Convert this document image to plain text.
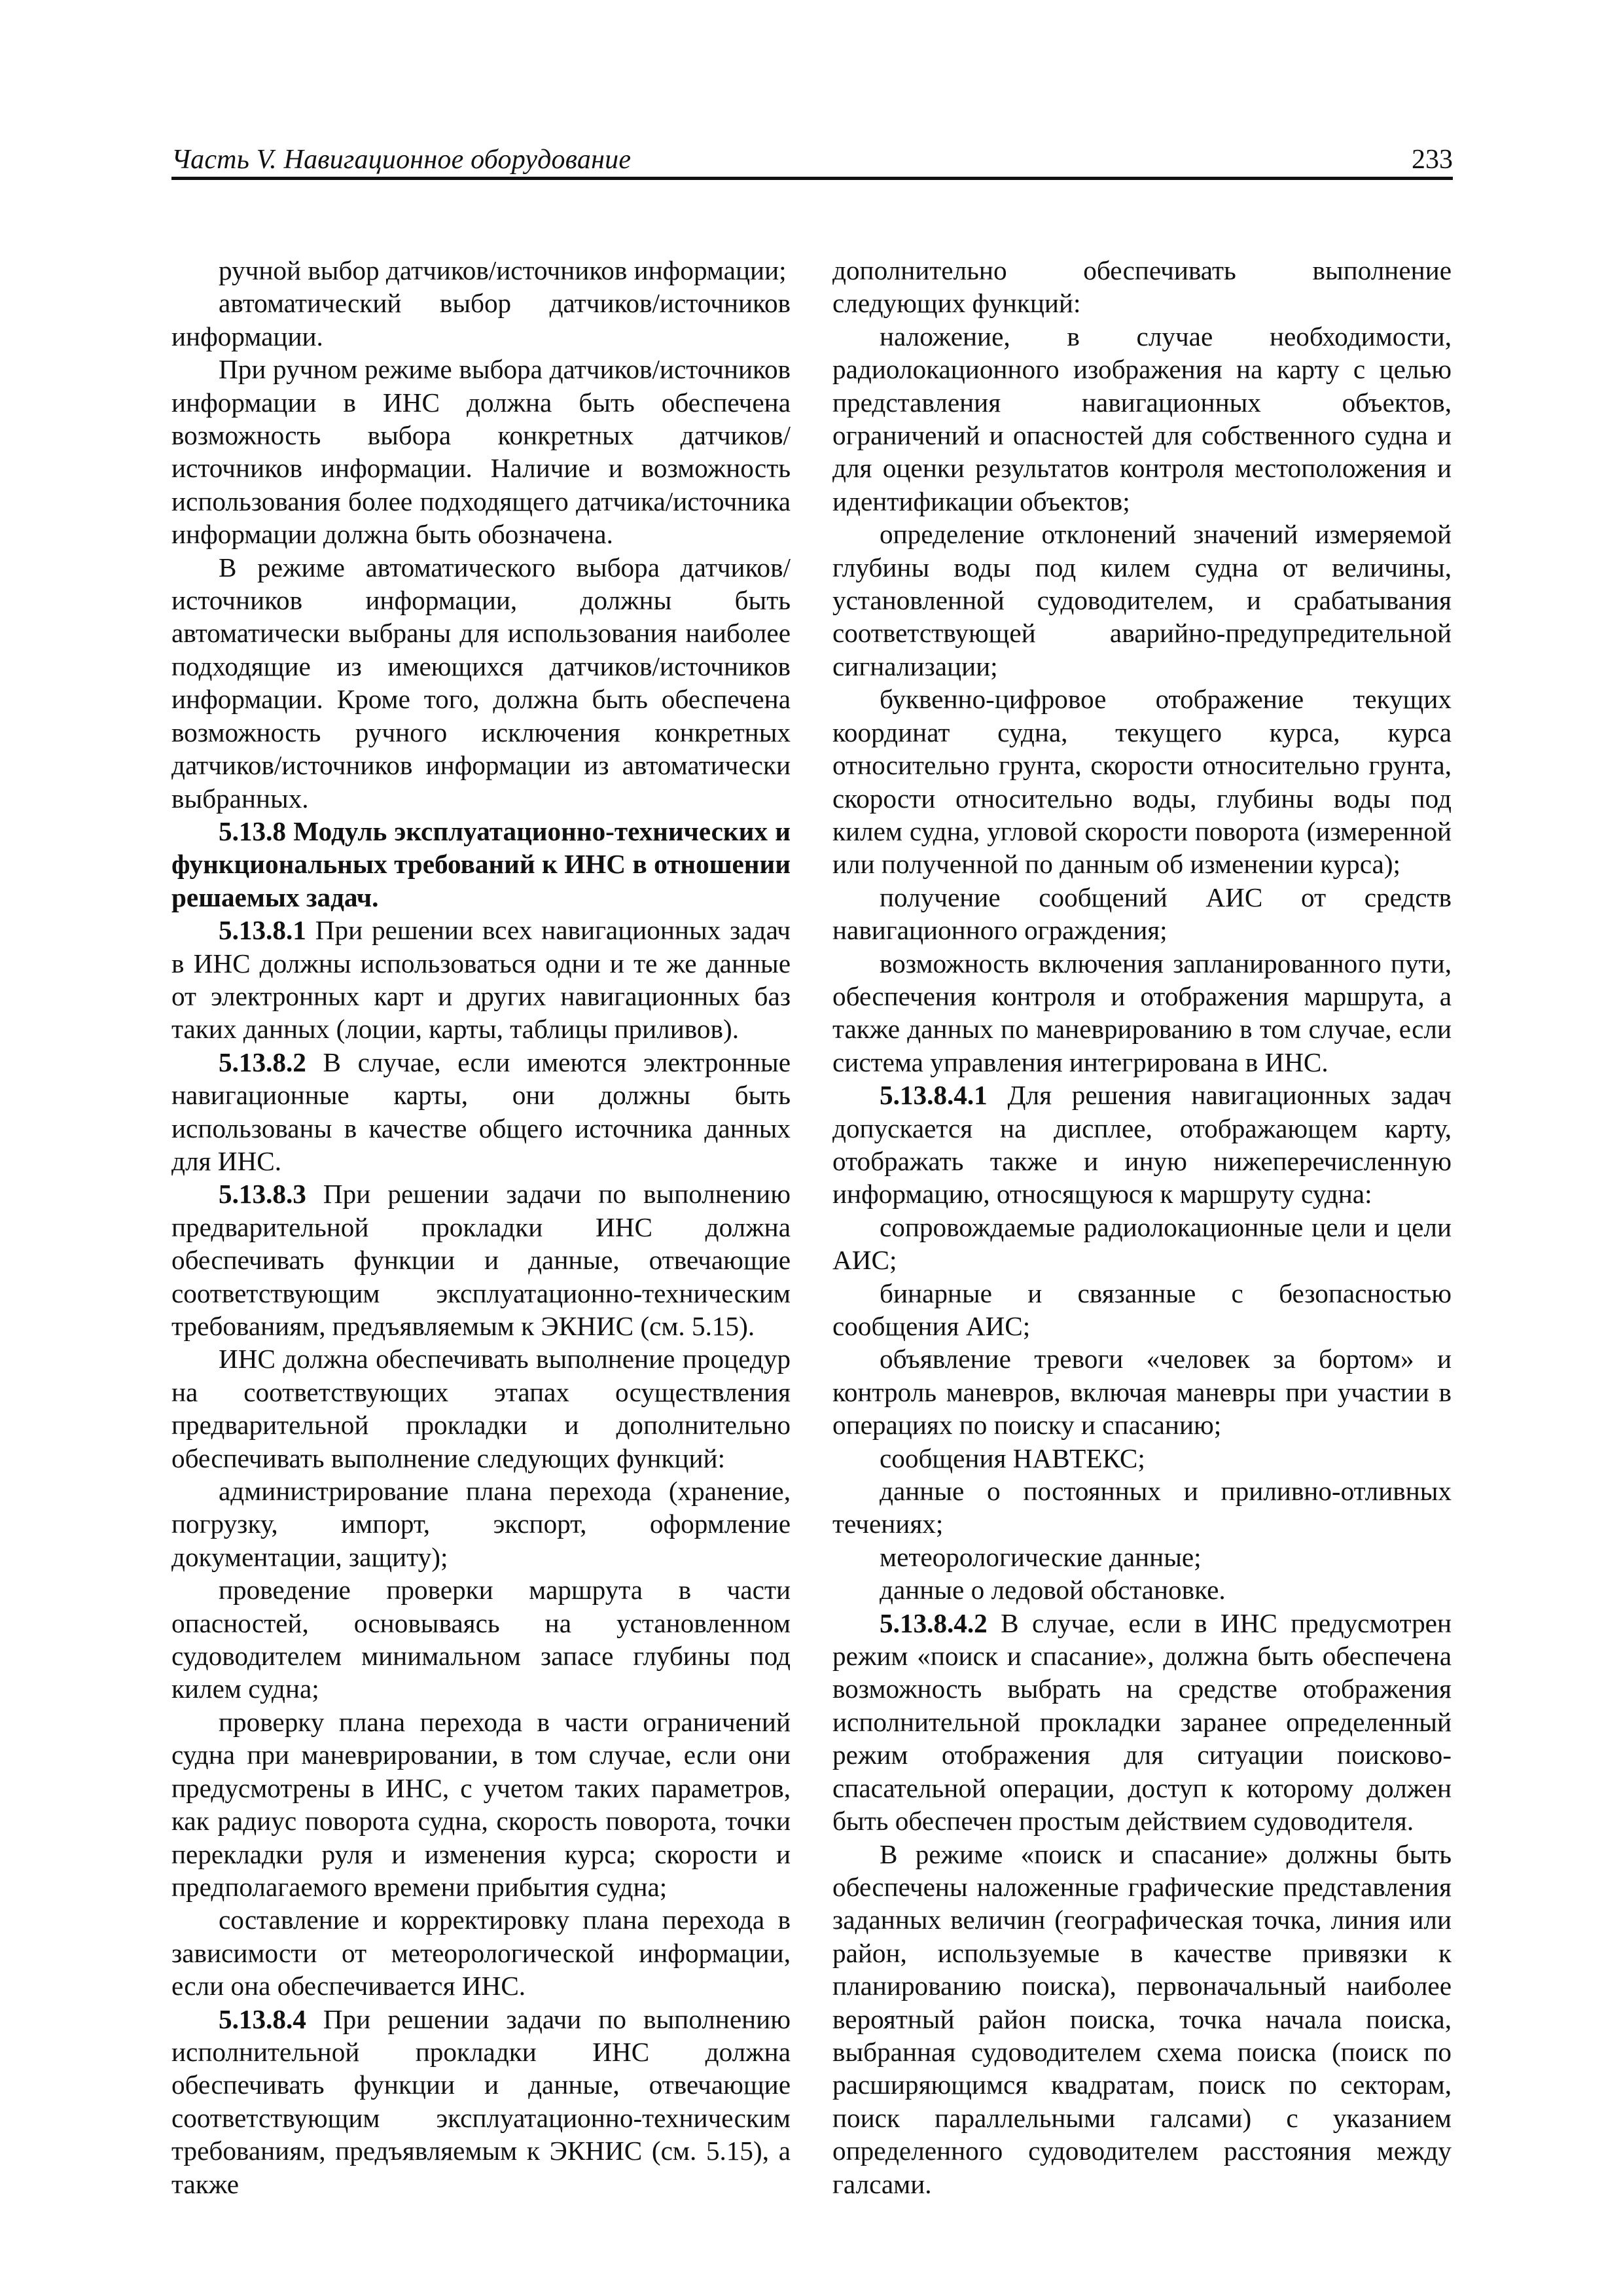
Часть V. Навигационное оборудование	233

ручной выбор датчиков/источников информации;

автоматический выбор датчиков/источников информации.

При ручном режиме выбора датчиков/источников информации в ИНС должна быть обеспечена возможность выбора конкретных датчиков/источников информации. Наличие и возможность использования более подходящего датчика/источника информации должна быть обозначена.

В режиме автоматического выбора датчиков/источников информации, должны быть автоматически выбраны для использования наиболее подходящие из имеющихся датчиков/источников информации. Кроме того, должна быть обеспечена возможность ручного исключения конкретных датчиков/источников информации из автоматически выбранных.

5.13.8 Модуль эксплуатационно-технических и функциональных требований к ИНС в отношении решаемых задач.

5.13.8.1 При решении всех навигационных задач в ИНС должны использоваться одни и те же данные от электронных карт и других навигационных баз таких данных (лоции, карты, таблицы приливов).

5.13.8.2 В случае, если имеются электронные навигационные карты, они должны быть использованы в качестве общего источника данных для ИНС.

5.13.8.3 При решении задачи по выполнению предварительной прокладки ИНС должна обеспечивать функции и данные, отвечающие соответствующим эксплуатационно-техническим требованиям, предъявляемым к ЭКНИС (см. 5.15).

ИНС должна обеспечивать выполнение процедур на соответствующих этапах осуществления предварительной прокладки и дополнительно обеспечивать выполнение следующих функций:

администрирование плана перехода (хранение, погрузку, импорт, экспорт, оформление документации, защиту);

проведение проверки маршрута в части опасностей, основываясь на установленном судоводителем минимальном запасе глубины под килем судна;

проверку плана перехода в части ограничений судна при маневрировании, в том случае, если они предусмотрены в ИНС, с учетом таких параметров, как радиус поворота судна, скорость поворота, точки перекладки руля и изменения курса; скорости и предполагаемого времени прибытия судна;

составление и корректировку плана перехода в зависимости от метеорологической информации, если она обеспечивается ИНС.

5.13.8.4 При решении задачи по выполнению исполнительной прокладки ИНС должна обеспечивать функции и данные, отвечающие соответствующим эксплуатационно-техническим требованиям, предъявляемым к ЭКНИС (см. 5.15), а также

дополнительно обеспечивать выполнение следующих функций:

наложение, в случае необходимости, радиолокационного изображения на карту с целью представления навигационных объектов, ограничений и опасностей для собственного судна и для оценки результатов контроля местоположения и идентификации объектов;

определение отклонений значений измеряемой глубины воды под килем судна от величины, установленной судоводителем, и срабатывания соответствующей аварийно-предупредительной сигнализации;

буквенно-цифровое отображение текущих координат судна, текущего курса, курса относительно грунта, скорости относительно грунта, скорости относительно воды, глубины воды под килем судна, угловой скорости поворота (измеренной или полученной по данным об изменении курса);

получение сообщений АИС от средств навигационного ограждения;

возможность включения запланированного пути, обеспечения контроля и отображения маршрута, а также данных по маневрированию в том случае, если система управления интегрирована в ИНС.

5.13.8.4.1 Для решения навигационных задач допускается на дисплее, отображающем карту, отображать также и иную нижеперечисленную информацию, относящуюся к маршруту судна:

сопровождаемые радиолокационные цели и цели АИС;

бинарные и связанные с безопасностью сообщения АИС;

объявление тревоги «человек за бортом» и контроль маневров, включая маневры при участии в операциях по поиску и спасанию;

сообщения НАВТЕКС;

данные о постоянных и приливно-отливных течениях;

метеорологические данные;

данные о ледовой обстановке.

5.13.8.4.2 В случае, если в ИНС предусмотрен режим «поиск и спасание», должна быть обеспечена возможность выбрать на средстве отображения исполнительной прокладки заранее определенный режим отображения для ситуации поисково-спасательной операции, доступ к которому должен быть обеспечен простым действием судоводителя.

В режиме «поиск и спасание» должны быть обеспечены наложенные графические представления заданных величин (географическая точка, линия или район, используемые в качестве привязки к планированию поиска), первоначальный наиболее вероятный район поиска, точка начала поиска, выбранная судоводителем схема поиска (поиск по расширяющимся квадратам, поиск по секторам, поиск параллельными галсами) с указанием определенного судоводителем расстояния между галсами.
